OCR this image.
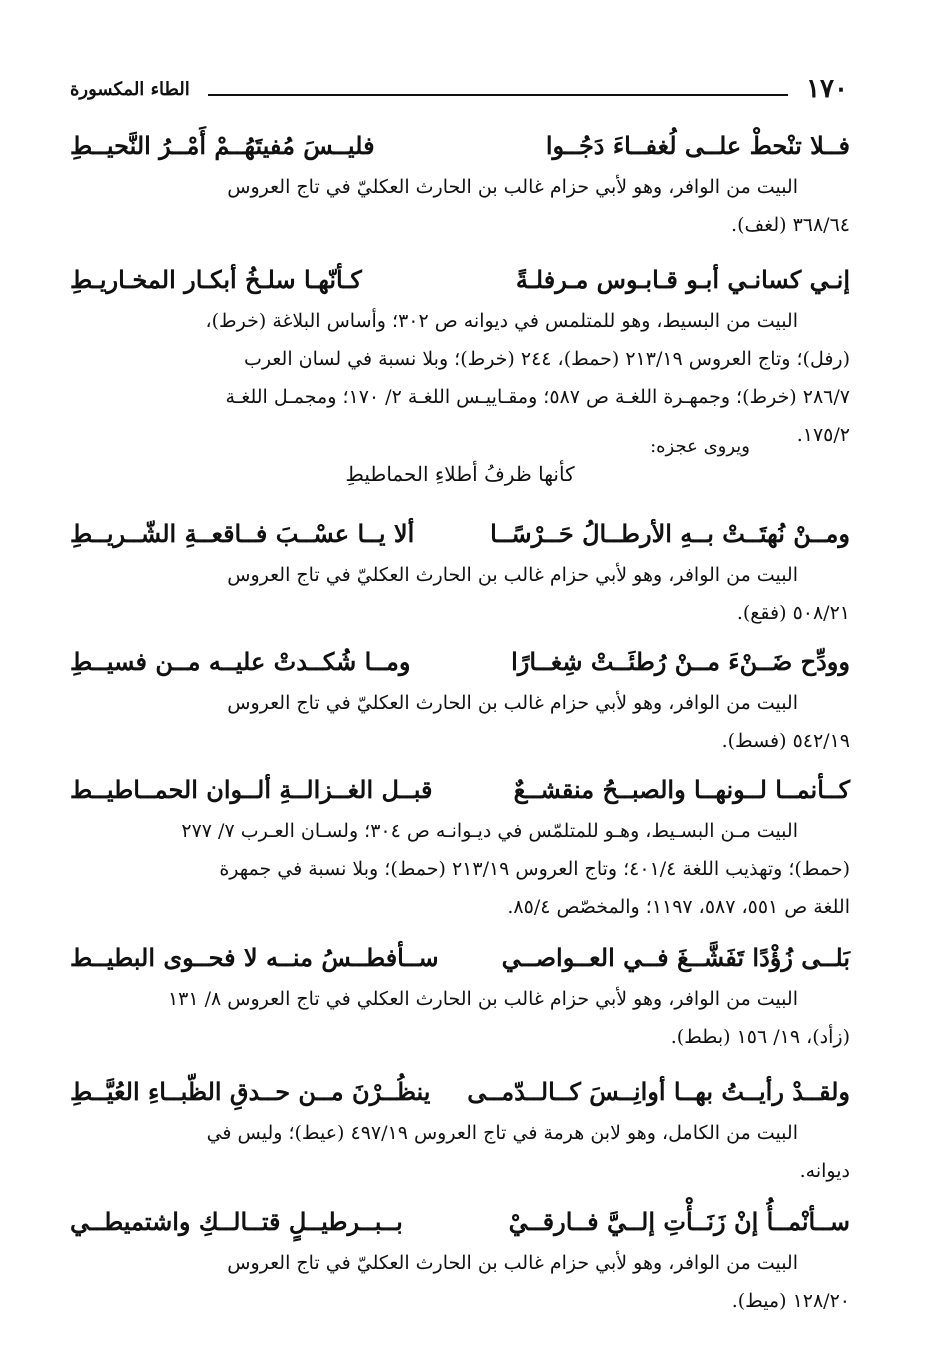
١٧٠
الطاء المكسورة
فــلا تنْحطْ علــى لُغفــاءَ دَجُــوا
فليــسَ مُفيتَهُــمْ أَمْــرُ النَّحيــطِ

البيت من الوافر، وهو لأبي حزام غالب بن الحارث العكليّ في تاج العروس
٣٦٨/٦٤ (لغف).

إنـي كسانـي أبـو قـابـوس مـرفلـةً
كـأنّهـا سلـخُ أبكـار المخـاريـطِ

البيت من البسيط، وهو للمتلمس في ديوانه ص ٣٠٢؛ وأساس البلاغة (خرط)،
(رفل)؛ وتاج العروس ٢١٣/١٩ (حمط)، ٢٤٤ (خرط)؛ وبلا نسبة في لسان العرب
٢٨٦/٧ (خرط)؛ وجمهـرة اللغـة ص ٥٨٧؛ ومقـاييـس اللغـة ٢/ ١٧٠؛ ومجمـل اللغـة
١٧٥/٢.

ويروى عجزه:
كأنها ظرفُ أطلاءِ الحماطيطِ
ومــنْ نُهتَــتْ بــهِ الأرطــالُ حَــرْسًــا
ألا يــا عسْــبَ فــاقعــةِ الشّــريــطِ

البيت من الوافر، وهو لأبي حزام غالب بن الحارث العكليّ في تاج العروس
٥٠٨/٢١ (فقع).

وودِّح ضَــنْءَ مــنْ رُطئَــتْ شِغــارًا
ومــا شُكــدتْ عليــه مــن فسيــطِ

البيت من الوافر، وهو لأبي حزام غالب بن الحارث العكليّ في تاج العروس
٥٤٢/١٩ (فسط).

كــأنمــا لــونهــا والصبــحُ منقشــعٌ
قبــل الغــزالــةِ ألــوان الحمــاطيــط

البيت مـن البسـيط، وهـو للمتلمّس في ديـوانـه ص ٣٠٤؛ ولسـان العـرب ٧/ ٢٧٧
(حمط)؛ وتهذيب اللغة ٤٠١/٤؛ وتاج العروس ٢١٣/١٩ (حمط)؛ وبلا نسبة في جمهرة
اللغة ص ٥٥١، ٥٨٧، ١١٩٧؛ والمخصّص ٨٥/٤.

بَلــى زُؤْدًا تَفَشَّــغَ فــي العــواصــي
ســأفطــسُ منــه لا فحــوى البطيــط

البيت من الوافر، وهو لأبي حزام غالب بن الحارث العكلي في تاج العروس ٨/ ١٣١
(زأد)، ١٩/ ١٥٦ (بطط).

ولقــدْ رأيــتُ بهــا أوانِــسَ كــالــدّمــى
ينظُــرْنَ مــن حــدقِ الظّبــاءِ العُيَّــطِ

البيت من الكامل، وهو لابن هرمة في تاج العروس ٤٩٧/١٩ (عيط)؛ وليس في
ديوانه.

ســأنْمــأُ إنْ زَنَــأْتِ إلــيَّ فــارقــيْ
بــبــرطيــلٍ قتــالــكِ واشتميطــي

البيت من الوافر، وهو لأبي حزام غالب بن الحارث العكليّ في تاج العروس
١٢٨/٢٠ (ميط).
